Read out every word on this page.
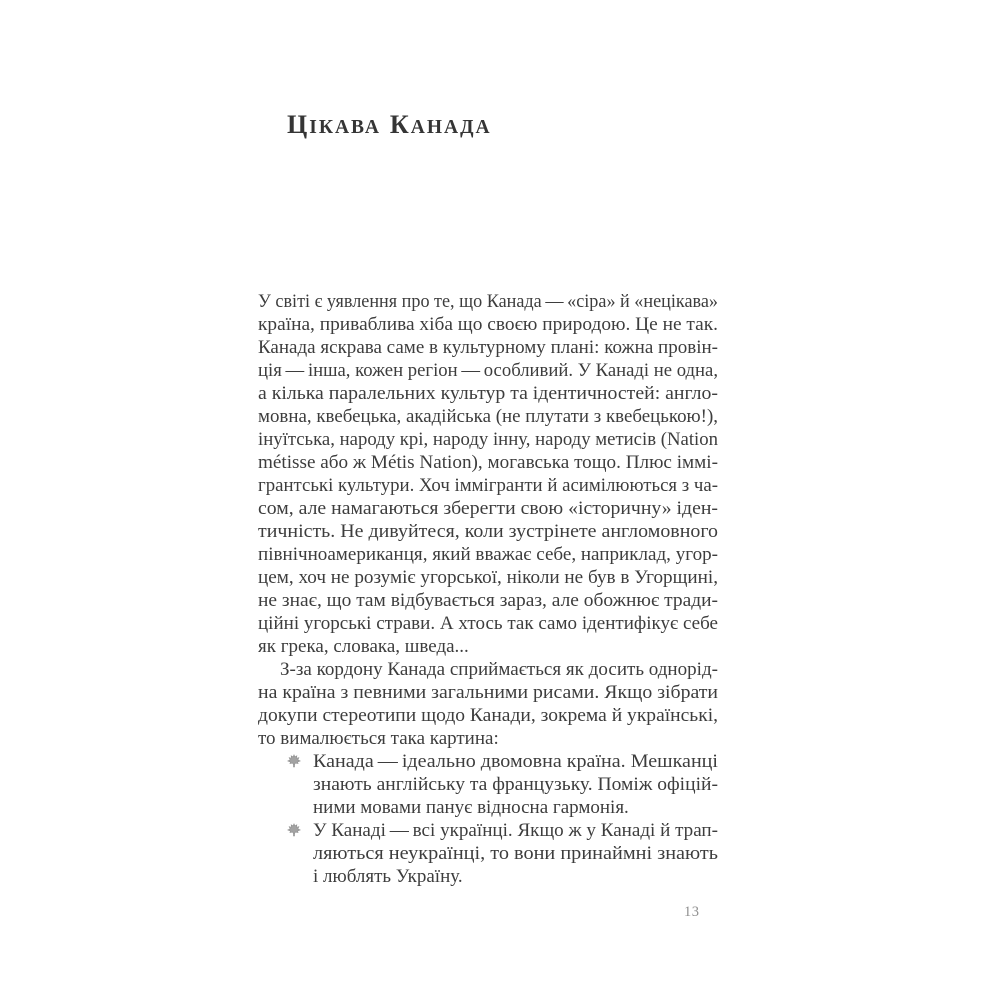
ЦІКАВА КАНАДА
У світі є уявлення про те, що Канада — «сіра» й «нецікава»
країна, приваблива хіба що своєю природою. Це не так.
Канада яскрава саме в культурному плані: кожна провін-
ція — інша, кожен регіон — особливий. У Канаді не одна,
а кілька паралельних культур та ідентичностей: англо-
мовна, квебецька, акадійська (не плутати з квебецькою!),
інуїтська, народу крі, народу інну, народу метисів (Nation
métisse або ж Métis Nation), могавська тощо. Плюс іммі-
грантські культури. Хоч іммігранти й асимілюються з ча-
сом, але намагаються зберегти свою «історичну» іден-
тичність. Не дивуйтеся, коли зустрінете англомовного
північноамериканця, який вважає себе, наприклад, угор-
цем, хоч не розуміє угорської, ніколи не був в Угорщині,
не знає, що там відбувається зараз, але обожнює тради-
ційні угорські страви. А хтось так само ідентифікує себе
як грека, словака, шведа...
З-за кордону Канада сприймається як досить однорід-
на країна з певними загальними рисами. Якщо зібрати
докупи стереотипи щодо Канади, зокрема й українські,
то вималюється така картина:
Канада — ідеально двомовна країна. Мешканці
знають англійську та французьку. Поміж офіцій-
ними мовами панує відносна гармонія.
У Канаді — всі українці. Якщо ж у Канаді й трап-
ляються неукраїнці, то вони принаймні знають
і люблять Україну.
13
